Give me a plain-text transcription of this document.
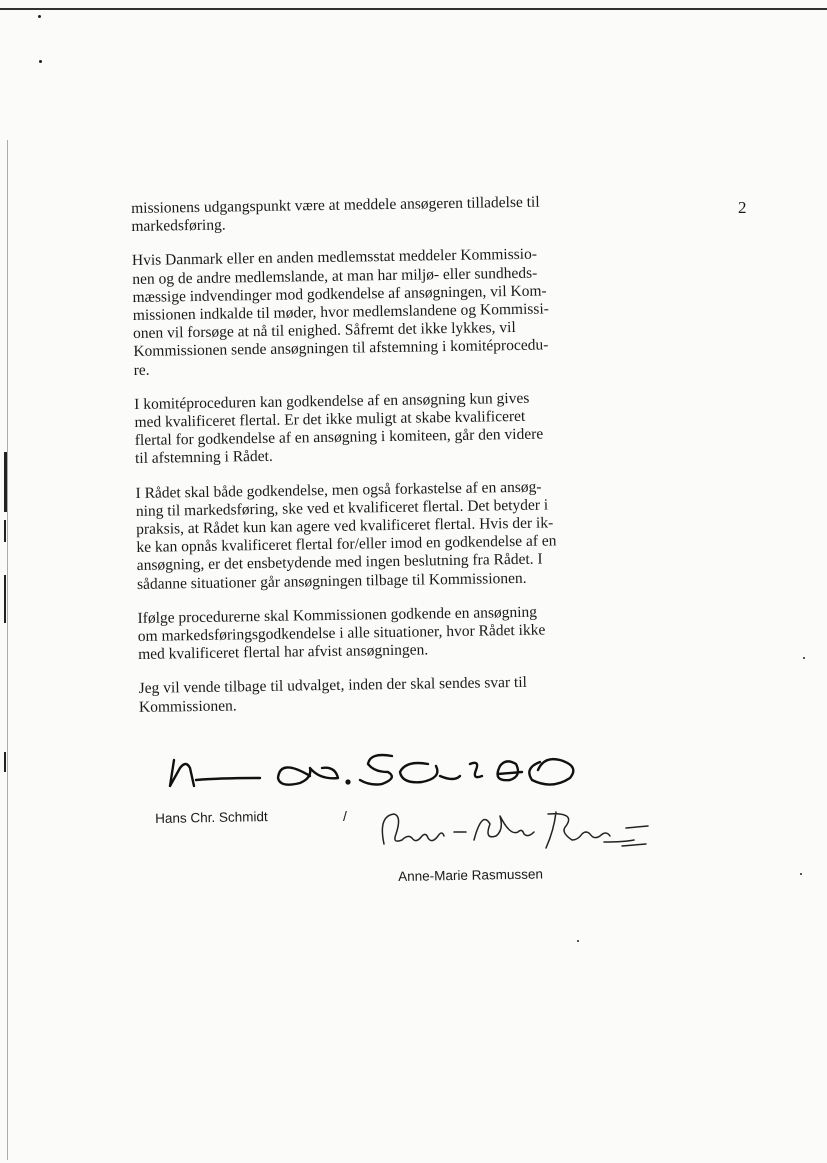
2

missionens udgangspunkt være at meddele ansøgeren tilladelse til
markedsføring.

Hvis Danmark eller en anden medlemsstat meddeler Kommissio-
nen og de andre medlemslande, at man har miljø- eller sundheds-
mæssige indvendinger mod godkendelse af ansøgningen, vil Kom-
missionen indkalde til møder, hvor medlemslandene og Kommissi-
onen vil forsøge at nå til enighed. Såfremt det ikke lykkes, vil
Kommissionen sende ansøgningen til afstemning i komitéprocedu-
re.

I komitéproceduren kan godkendelse af en ansøgning kun gives
med kvalificeret flertal. Er det ikke muligt at skabe kvalificeret
flertal for godkendelse af en ansøgning i komiteen, går den videre
til afstemning i Rådet.

I Rådet skal både godkendelse, men også forkastelse af en ansøg-
ning til markedsføring, ske ved et kvalificeret flertal. Det betyder i
praksis, at Rådet kun kan agere ved kvalificeret flertal. Hvis der ik-
ke kan opnås kvalificeret flertal for/eller imod en godkendelse af en
ansøgning, er det ensbetydende med ingen beslutning fra Rådet. I
sådanne situationer går ansøgningen tilbage til Kommissionen.

Ifølge procedurerne skal Kommissionen godkende en ansøgning
om markedsføringsgodkendelse i alle situationer, hvor Rådet ikke
med kvalificeret flertal har afvist ansøgningen.

Jeg vil vende tilbage til udvalget, inden der skal sendes svar til
Kommissionen.

Hans Chr. Schmidt	/
Anne-Marie Rasmussen
